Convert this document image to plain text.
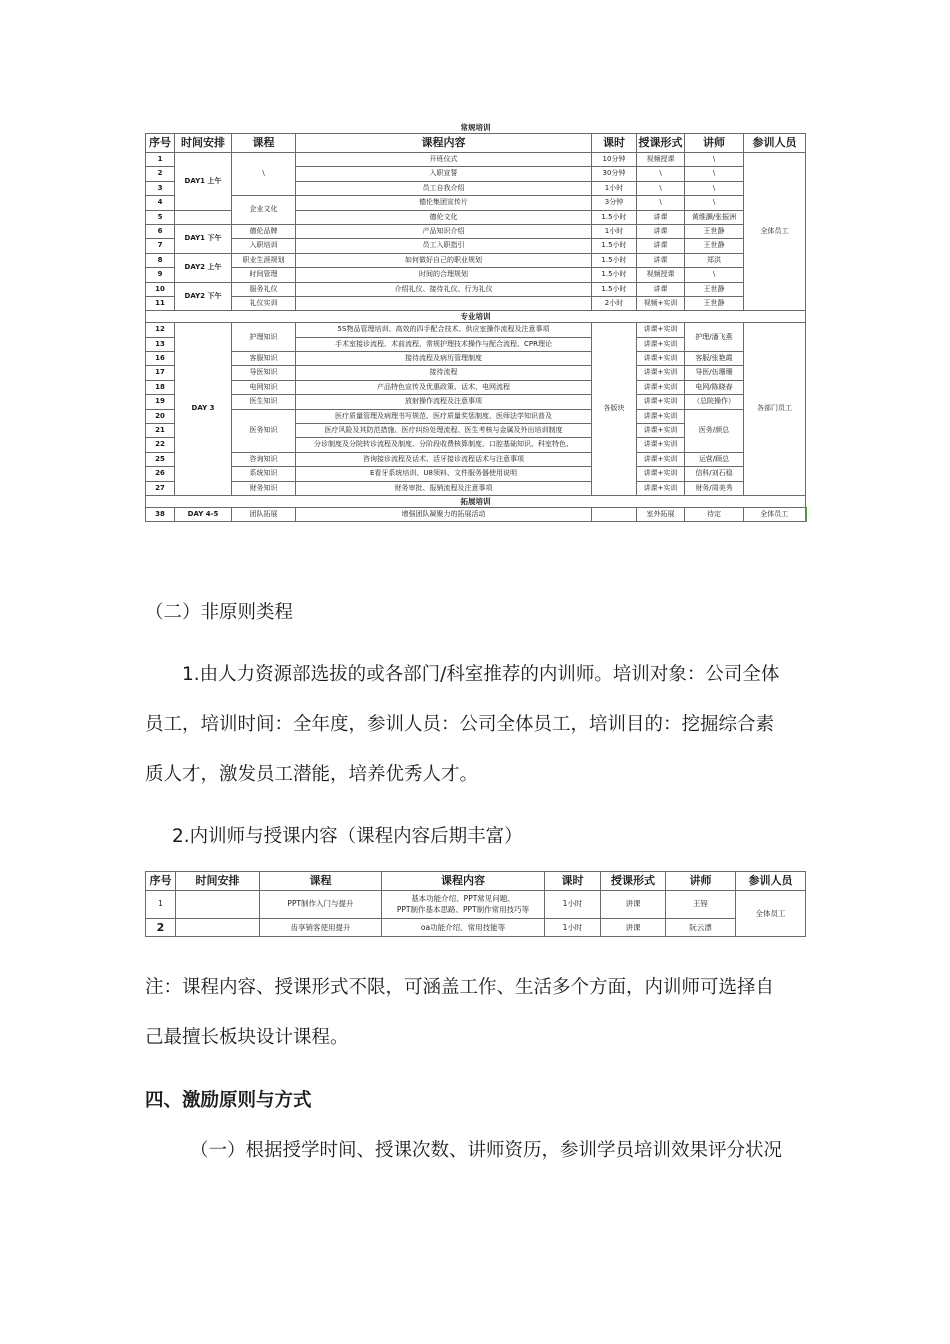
常规培训							
序号	时间安排	课程	课程内容	课时	授课形式	讲师	参训人员
1	DAY1 上午	\	开班仪式	10分钟	视频授课	\	全体员工
2			入职宣誓	30分钟	\	\	
3			员工自我介绍	1小时	\	\	
4		企业文化	德伦集团宣传片	3分钟	\	\	
5			德伦文化	1.5小时	讲课	黄维灏/张振洲	
6	DAY1 下午	德伦品牌	产品知识介绍	1小时	讲课	王世静	
7		入职培训	员工入职指引	1.5小时	讲课	王世静	
8	DAY2 上午	职业生涯规划	如何做好自己的职业规划	1.5小时	讲课	郑洪	
9		时间管理	时间的合理规划	1.5小时	视频授课	\	
10	DAY2 下午	服务礼仪	介绍礼仪、接待礼仪、行为礼仪	1.5小时	讲课	王世静	
11		礼仪实训		2小时	视频+实训	王世静	
专业培训							
12	DAY 3	护理知识	5S物品管理培训、高效的四手配合技术、供应室操作流程及注意事项	各版块	讲课+实训	护理/潘飞燕	各部门员工
13			手术室接诊流程、术前流程、常规护理技术操作与配合流程、CPR理论		讲课+实训		
16		客服知识	接待流程及病历管理制度		讲课+实训	客服/张艳霞	
17		导医知识	接待流程		讲课+实训	导医/伍珊珊	
18		电网知识	产品特色宣传及优惠政策、话术、电网流程		讲课+实训	电网/陈晓春	
19		医生知识	放射操作流程及注意事项		讲课+实训	（总院操作）	
20		医务知识	医疗质量管理及病理书写规范、医疗质量奖惩制度、医师法学知识普及		讲课+实训	医务/颜总	
21			医疗风险及其防范措施、医疗纠纷处理流程、医生考核与金属及外出培训制度		讲课+实训		
22			分诊制度及分院转诊流程及制度、分阶段收费核算制度、口腔基础知识、科室特色、		讲课+实训		
25		咨询知识	咨询接诊流程及话术、活牙接诊流程话术与注意事项		讲课+实训	运营/顾总	
26		系统知识	E看牙系统培训、U8领料、文件服务器使用说明		讲课+实训	信科/刘石稳	
27		财务知识	财务审批、报销流程及注意事项		讲课+实训	财务/周美秀	
拓展培训							
38	DAY 4-5	团队拓展	增强团队凝聚力的拓展活动		室外拓展	待定	全体员工
（二）非原则类程
1.由人力资源部选拔的或各部门/科室推荐的内训师。培训对象：公司全体
员工，培训时间：全年度，参训人员：公司全体员工，培训目的：挖掘综合素
质人才，激发员工潜能，培养优秀人才。
2.内训师与授课内容（课程内容后期丰富）
序号	时间安排	课程	课程内容	课时	授课形式	讲师	参训人员
1		PPT制作入门与提升	基本功能介绍、PPT常见问题、
PPT制作基本思路、PPT制作常用技巧等	1小时	讲课	王锃	全体员工
2		齿享销客使用提升	oa功能介绍、常用技能等	1小时	讲课	阮云漂	
注：课程内容、授课形式不限，可涵盖工作、生活多个方面，内训师可选择自
己最擅长板块设计课程。
四、激励原则与方式
（一）根据授学时间、授课次数、讲师资历，参训学员培训效果评分状况
